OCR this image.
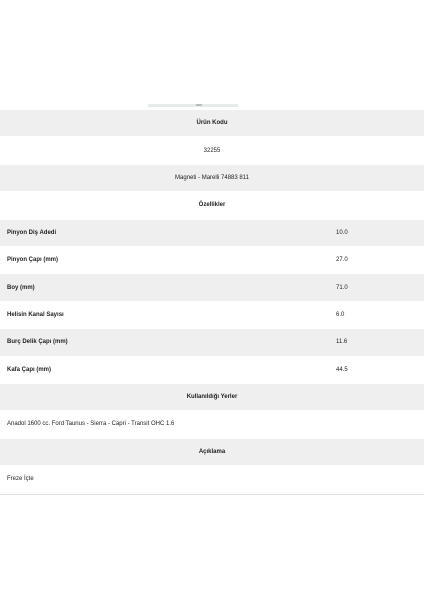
Ürün Kodu	
32255	
Magneti - Marelli 74883 811	
Özellikler	
Pinyon Diş Adedi	10.0
Pinyon Çapı (mm)	27.0
Boy (mm)	71.0
Helisin Kanal Sayısı	6.0
Burç Delik Çapı (mm)	11.6
Kafa Çapı (mm)	44.5
Kullanıldığı Yerler	
Anadol 1600 cc. Ford Taunus - Sierra - Capri - Transit OHC 1.6	
Açıklama	
Freze İçte	
